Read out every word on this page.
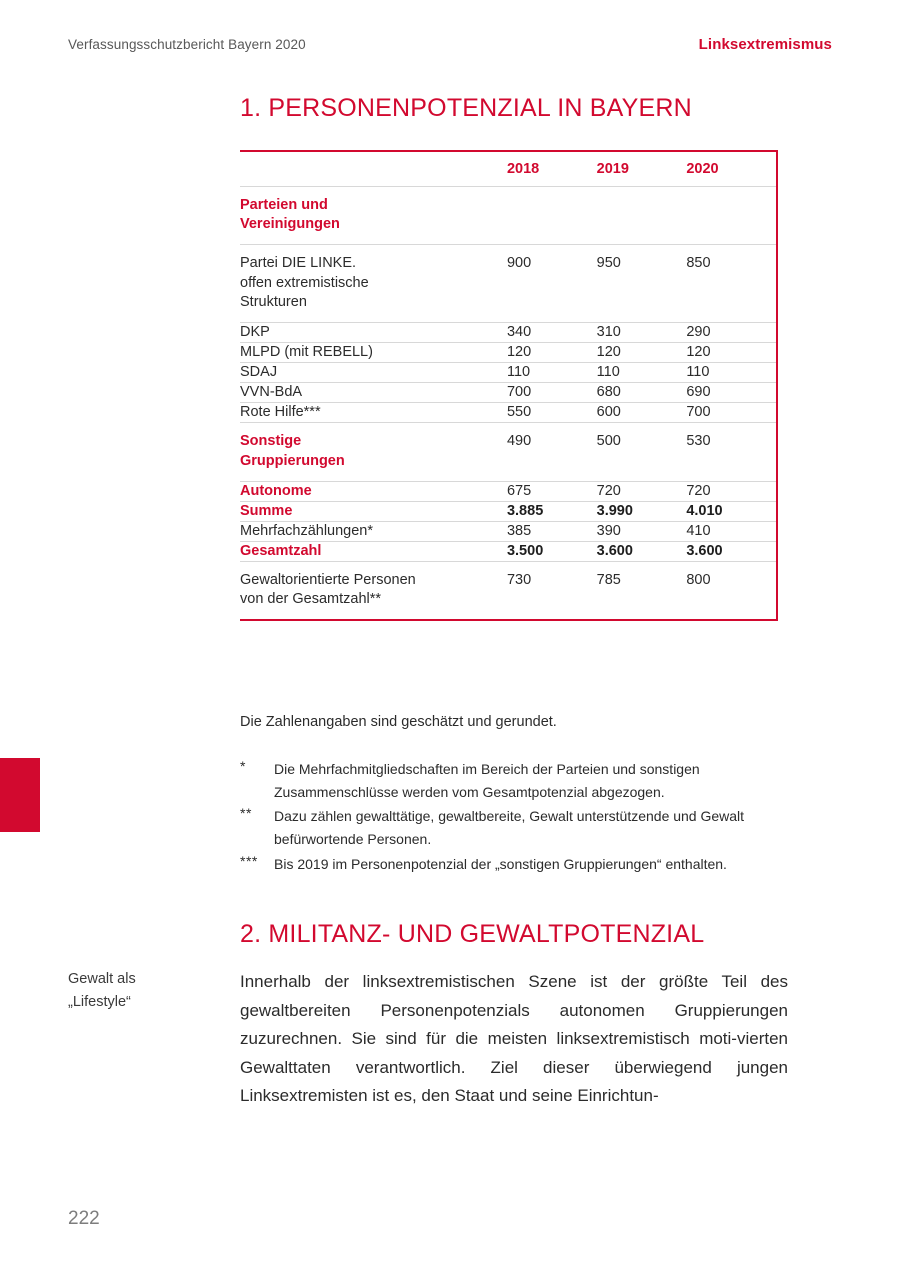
Verfassungsschutzbericht Bayern 2020	Linksextremismus
1. PERSONENPOTENZIAL IN BAYERN
	2018	2019	2020
Parteien und
Vereinigungen			
Partei DIE LINKE.
offen extremistische
Strukturen	900	950	850
DKP	340	310	290
MLPD (mit REBELL)	120	120	120
SDAJ	110	110	110
VVN-BdA	700	680	690
Rote Hilfe***	550	600	700
Sonstige
Gruppierungen	490	500	530
Autonome	675	720	720
Summe	3.885	3.990	4.010
Mehrfachzählungen*	385	390	410
Gesamtzahl	3.500	3.600	3.600
Gewaltorientierte Personen
von der Gesamtzahl**	730	785	800
Die Zahlenangaben sind geschätzt und gerundet.
*	Die Mehrfachmitgliedschaften im Bereich der Parteien und sonstigen Zusammenschlüsse werden vom Gesamtpotenzial abgezogen.
**	Dazu zählen gewalttätige, gewaltbereite, Gewalt unterstützende und Gewalt befürwortende Personen.
***	Bis 2019 im Personenpotenzial der „sonstigen Gruppierungen“ enthalten.
2. MILITANZ- UND GEWALTPOTENZIAL
Gewalt als
„Lifestyle“

Innerhalb der linksextremistischen Szene ist der größte Teil des gewaltbereiten Personenpotenzials autonomen Gruppierungen zuzurechnen. Sie sind für die meisten linksextremistisch moti-vierten Gewalttaten verantwortlich. Ziel dieser überwiegend jungen Linksextremisten ist es, den Staat und seine Einrichtun-

222
